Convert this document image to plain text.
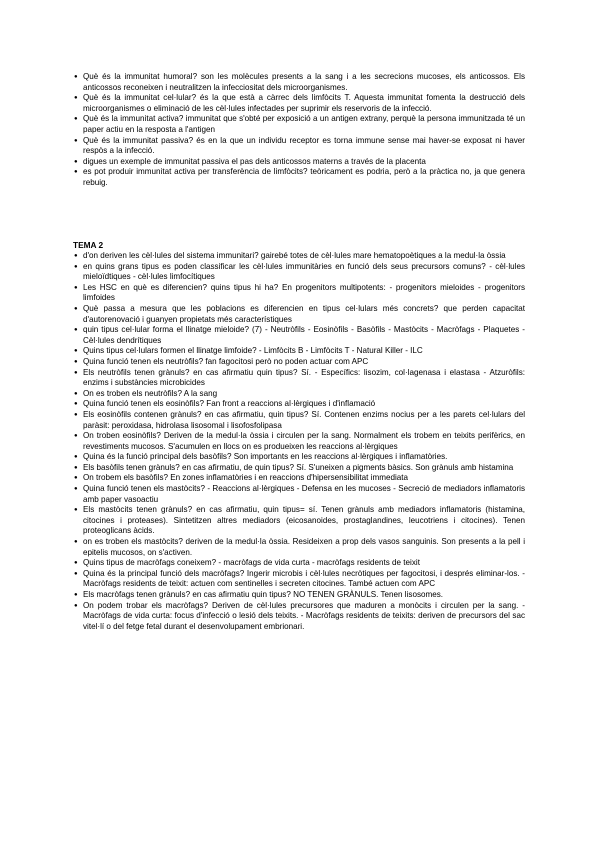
● Què és la immunitat humoral? son les molècules presents a la sang i a les secrecions mucoses, els anticossos. Els anticossos reconeixen i neutralitzen la infecciositat dels microorganismes.
● Què és la immunitat cel·lular? és la que està a càrrec dels limfòcits T. Aquesta immunitat fomenta la destrucció dels microorganismes o eliminació de les cèl·lules infectades per suprimir els reservoris de la infecció.
● Què és la immunitat activa? immunitat que s'obté per exposició a un antigen extrany, perquè la persona immunitzada té un paper actiu en la resposta a l'antigen
● Què és la immunitat passiva? és en la que un individu receptor es torna immune sense mai haver-se exposat ni haver respòs a la infecció.
● digues un exemple de immunitat passiva el pas dels anticossos materns a través de la placenta
● es pot produir immunitat activa per transferència de limfòcits? teòricament es podria, però a la pràctica no, ja que genera rebuig.
TEMA 2
● d'on deriven les cèl·lules del sistema immunitari? gairebé totes de cèl·lules mare hematopoètiques a la medul·la òssia
● en quins grans tipus es poden classificar les cèl·lules immunitàries en funció dels seus precursors comuns? - cèl·lules mieloïdtiques - cèl·lules limfocítiques
● Les HSC en què es diferencien? quins tipus hi ha? En progenitors multipotents: - progenitors mieloides - progenitors limfoides
● Què passa a mesura que les poblacions es diferencien en tipus cel·lulars més concrets? que perden capacitat d'autorenovació i guanyen propietats més característiques
● quin tipus cel·lular forma el llinatge mieloide? (7) - Neutròfils - Eosinòfils - Basòfils - Mastòcits - Macròfags - Plaquetes - Cèl·lules dendrítiques
● Quins tipus cel·lulars formen el llinatge limfoide? - Limfòcits B - Limfòcits T - Natural Killer - ILC
● Quina funció tenen els neutròfils? fan fagocitosi però no poden actuar com APC
● Els neutròfils tenen grànuls? en cas afirmatiu quin tipus? Sí. - Específics: lisozim, col·lagenasa i elastasa - Atzuròfils: enzims i substàncies microbicides
● On es troben els neutròfils? A la sang
● Quina funció tenen els eosinòfils? Fan front a reaccions al·lèrgiques i d'inflamació
● Els eosinòfils contenen grànuls? en cas afirmatiu, quin tipus? Sí. Contenen enzims nocius per a les parets cel·lulars del paràsit: peroxidasa, hidrolasa lisosomal i lisofosfolipasa
● On troben eosinòfils? Deriven de la medul·la òssia i circulen per la sang. Normalment els trobem en teixits perifèrics, en revestiments mucosos. S'acumulen en llocs on es produeixen les reaccions al·lèrgiques
● Quina és la funció principal dels basòfils? Son importants en les reaccions al·lèrgiques i inflamatòries.
● Els basòfils tenen grànuls? en cas afirmatiu, de quin tipus? Sí. S'uneixen a pigments bàsics. Son grànuls amb histamina
● On trobem els basòfils? En zones inflamatòries i en reaccions d'hipersensibilitat immediata
● Quina funció tenen els mastòcits? - Reaccions al·lèrgiques - Defensa en les mucoses - Secreció de mediadors inflamatoris amb paper vasoactiu
● Els mastòcits tenen grànuls? en cas afirmatiu, quin tipus= sí. Tenen grànuls amb mediadors inflamatoris (histamina, citocines i proteases). Sintetitzen altres mediadors (eicosanoides, prostaglandines, leucotriens i citocines). Tenen proteoglicans àcids.
● on es troben els mastòcits? deriven de la medul·la òssia. Resideixen a prop dels vasos sanguinis. Son presents a la pell i epitelis mucosos, on s'activen.
● Quins tipus de macròfags coneixem? - macròfags de vida curta - macròfags residents de teixit
● Quina és la principal funció dels macròfags? Ingerir microbis i cèl·lules necròtiques per fagocitosi, i després eliminar-los. - Macròfags residents de teixit: actuen com sentinelles i secreten citocines. També actuen com APC
● Els macròfags tenen grànuls? en cas afirmatiu quin tipus? NO TENEN GRÀNULS. Tenen lisosomes.
● On podem trobar els macròfags? Deriven de cèl·lules precursores que maduren a monòcits i circulen per la sang. - Macròfags de vida curta: focus d'infecció o lesió dels teixits. - Macròfags residents de teixits: deriven de precursors del sac vitel·lí o del fetge fetal durant el desenvolupament embrionari.
